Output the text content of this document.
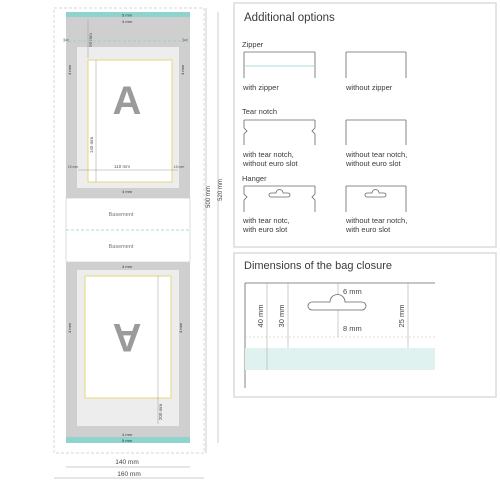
✂	✂
A
A
Basement
Basement
5 mm
4 mm
4 mm	4 mm
50 mm
145 mm
110 mm
15 mm	15 mm
4 mm
4 mm
4 mm	4 mm
200 mm
4 mm
5 mm
500 mm 520 mm
140 mm
160 mm
40 mm 30 mm
6 mm
8 mm
25 mm
Additional options
Zipper
with zipper	without zipper
Tear notch
with tear notch,
without euro slot
without tear notch,
without euro slot
Hanger
with tear notc,
with euro slot
without tear notch,
with euro slot
Dimensions of the bag closure
